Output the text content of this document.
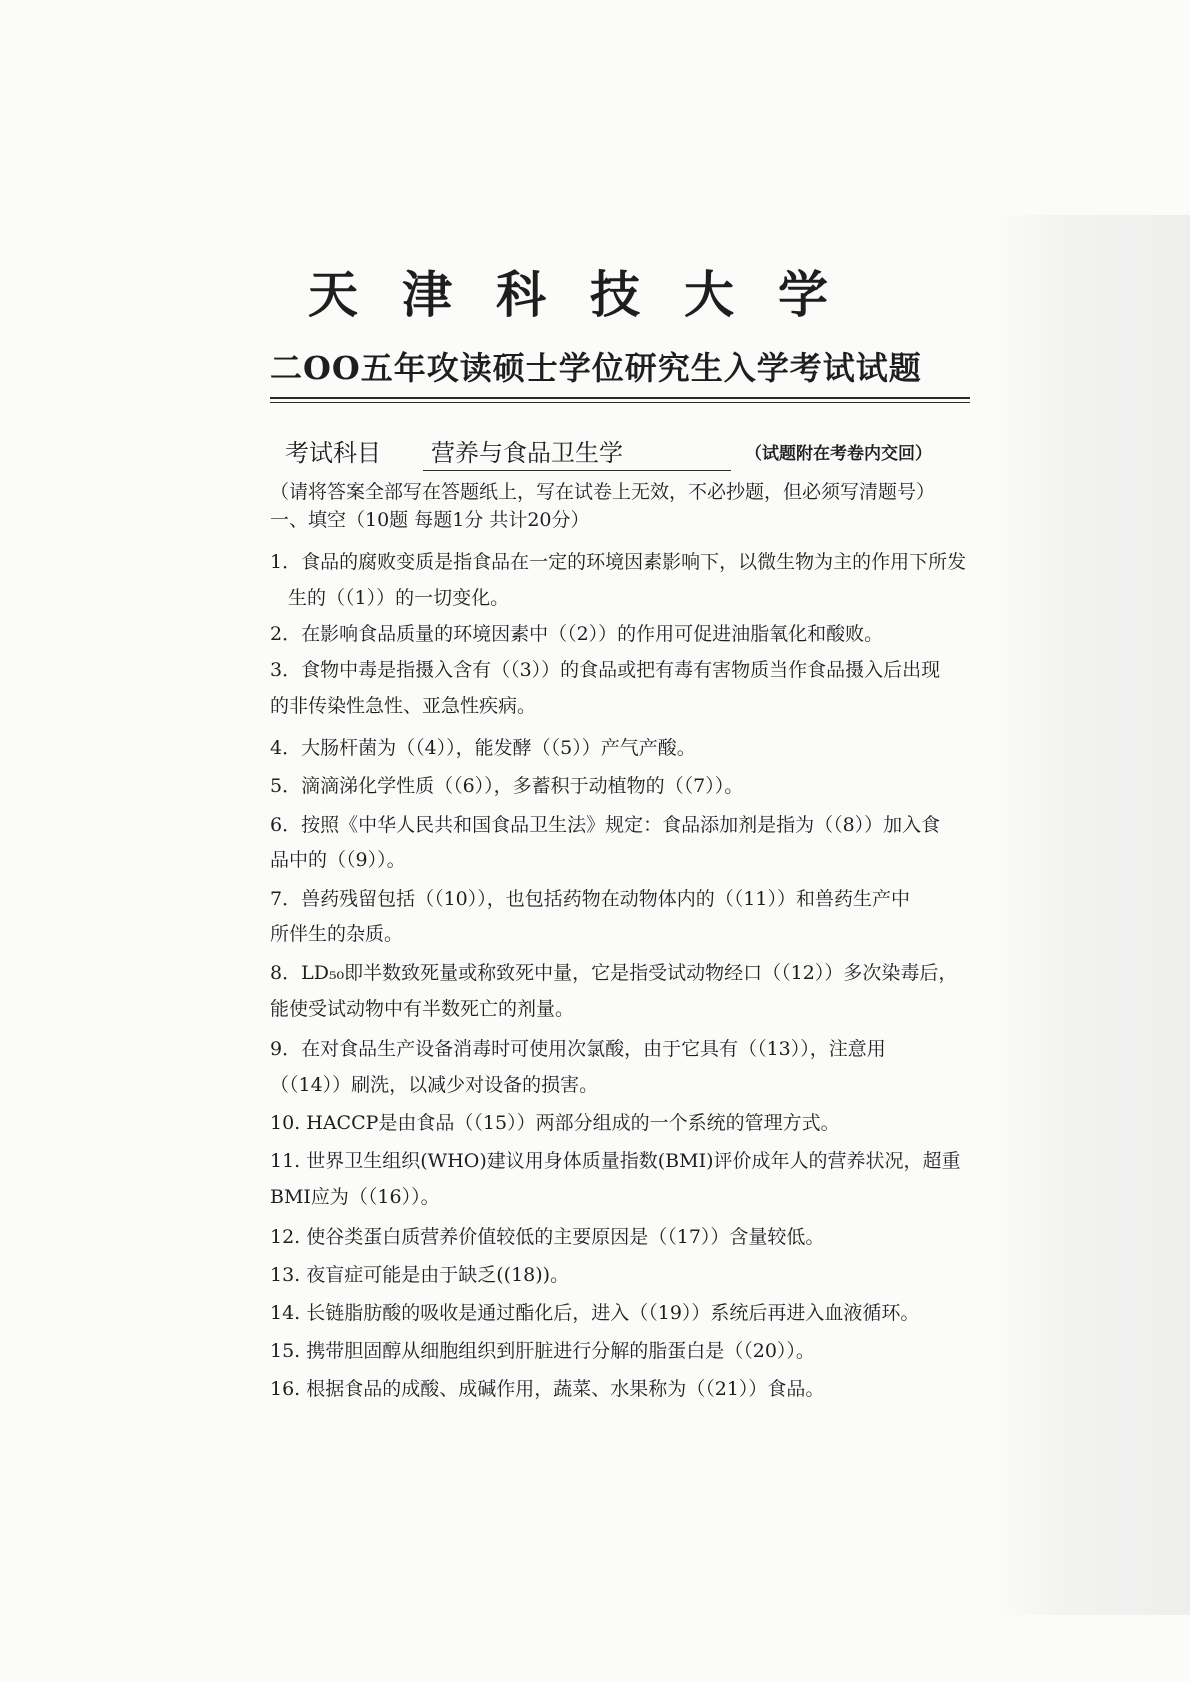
天津科技大学
二OO五年攻读硕士学位研究生入学考试试题
考试科目	营养与食品卫生学	（试题附在考卷内交回）
（请将答案全部写在答题纸上，写在试卷上无效，不必抄题，但必须写清题号）
一、填空（10题 每题1分 共计20分）
1．食品的腐败变质是指食品在一定的环境因素影响下，以微生物为主的作用下所发
生的（（1））的一切变化。
2．在影响食品质量的环境因素中（（2））的作用可促进油脂氧化和酸败。
3．食物中毒是指摄入含有（（3））的食品或把有毒有害物质当作食品摄入后出现
的非传染性急性、亚急性疾病。
4．大肠杆菌为（（4）），能发酵（（5））产气产酸。
5．滴滴涕化学性质（（6）），多蓄积于动植物的（（7））。
6．按照《中华人民共和国食品卫生法》规定：食品添加剂是指为（（8））加入食
品中的（（9））。
7．兽药残留包括（（10）），也包括药物在动物体内的（（11））和兽药生产中
所伴生的杂质。
8．LD₅₀即半数致死量或称致死中量，它是指受试动物经口（（12））多次染毒后，
能使受试动物中有半数死亡的剂量。
9．在对食品生产设备消毒时可使用次氯酸，由于它具有（（13）），注意用
（（14））刷洗，以减少对设备的损害。
10. HACCP是由食品（（15））两部分组成的一个系统的管理方式。
11. 世界卫生组织(WHO)建议用身体质量指数(BMI)评价成年人的营养状况，超重
BMI应为（（16））。
12. 使谷类蛋白质营养价值较低的主要原因是（（17））含量较低。
13. 夜盲症可能是由于缺乏((18))。
14. 长链脂肪酸的吸收是通过酯化后，进入（（19））系统后再进入血液循环。
15. 携带胆固醇从细胞组织到肝脏进行分解的脂蛋白是（（20））。
16. 根据食品的成酸、成碱作用，蔬菜、水果称为（（21））食品。
